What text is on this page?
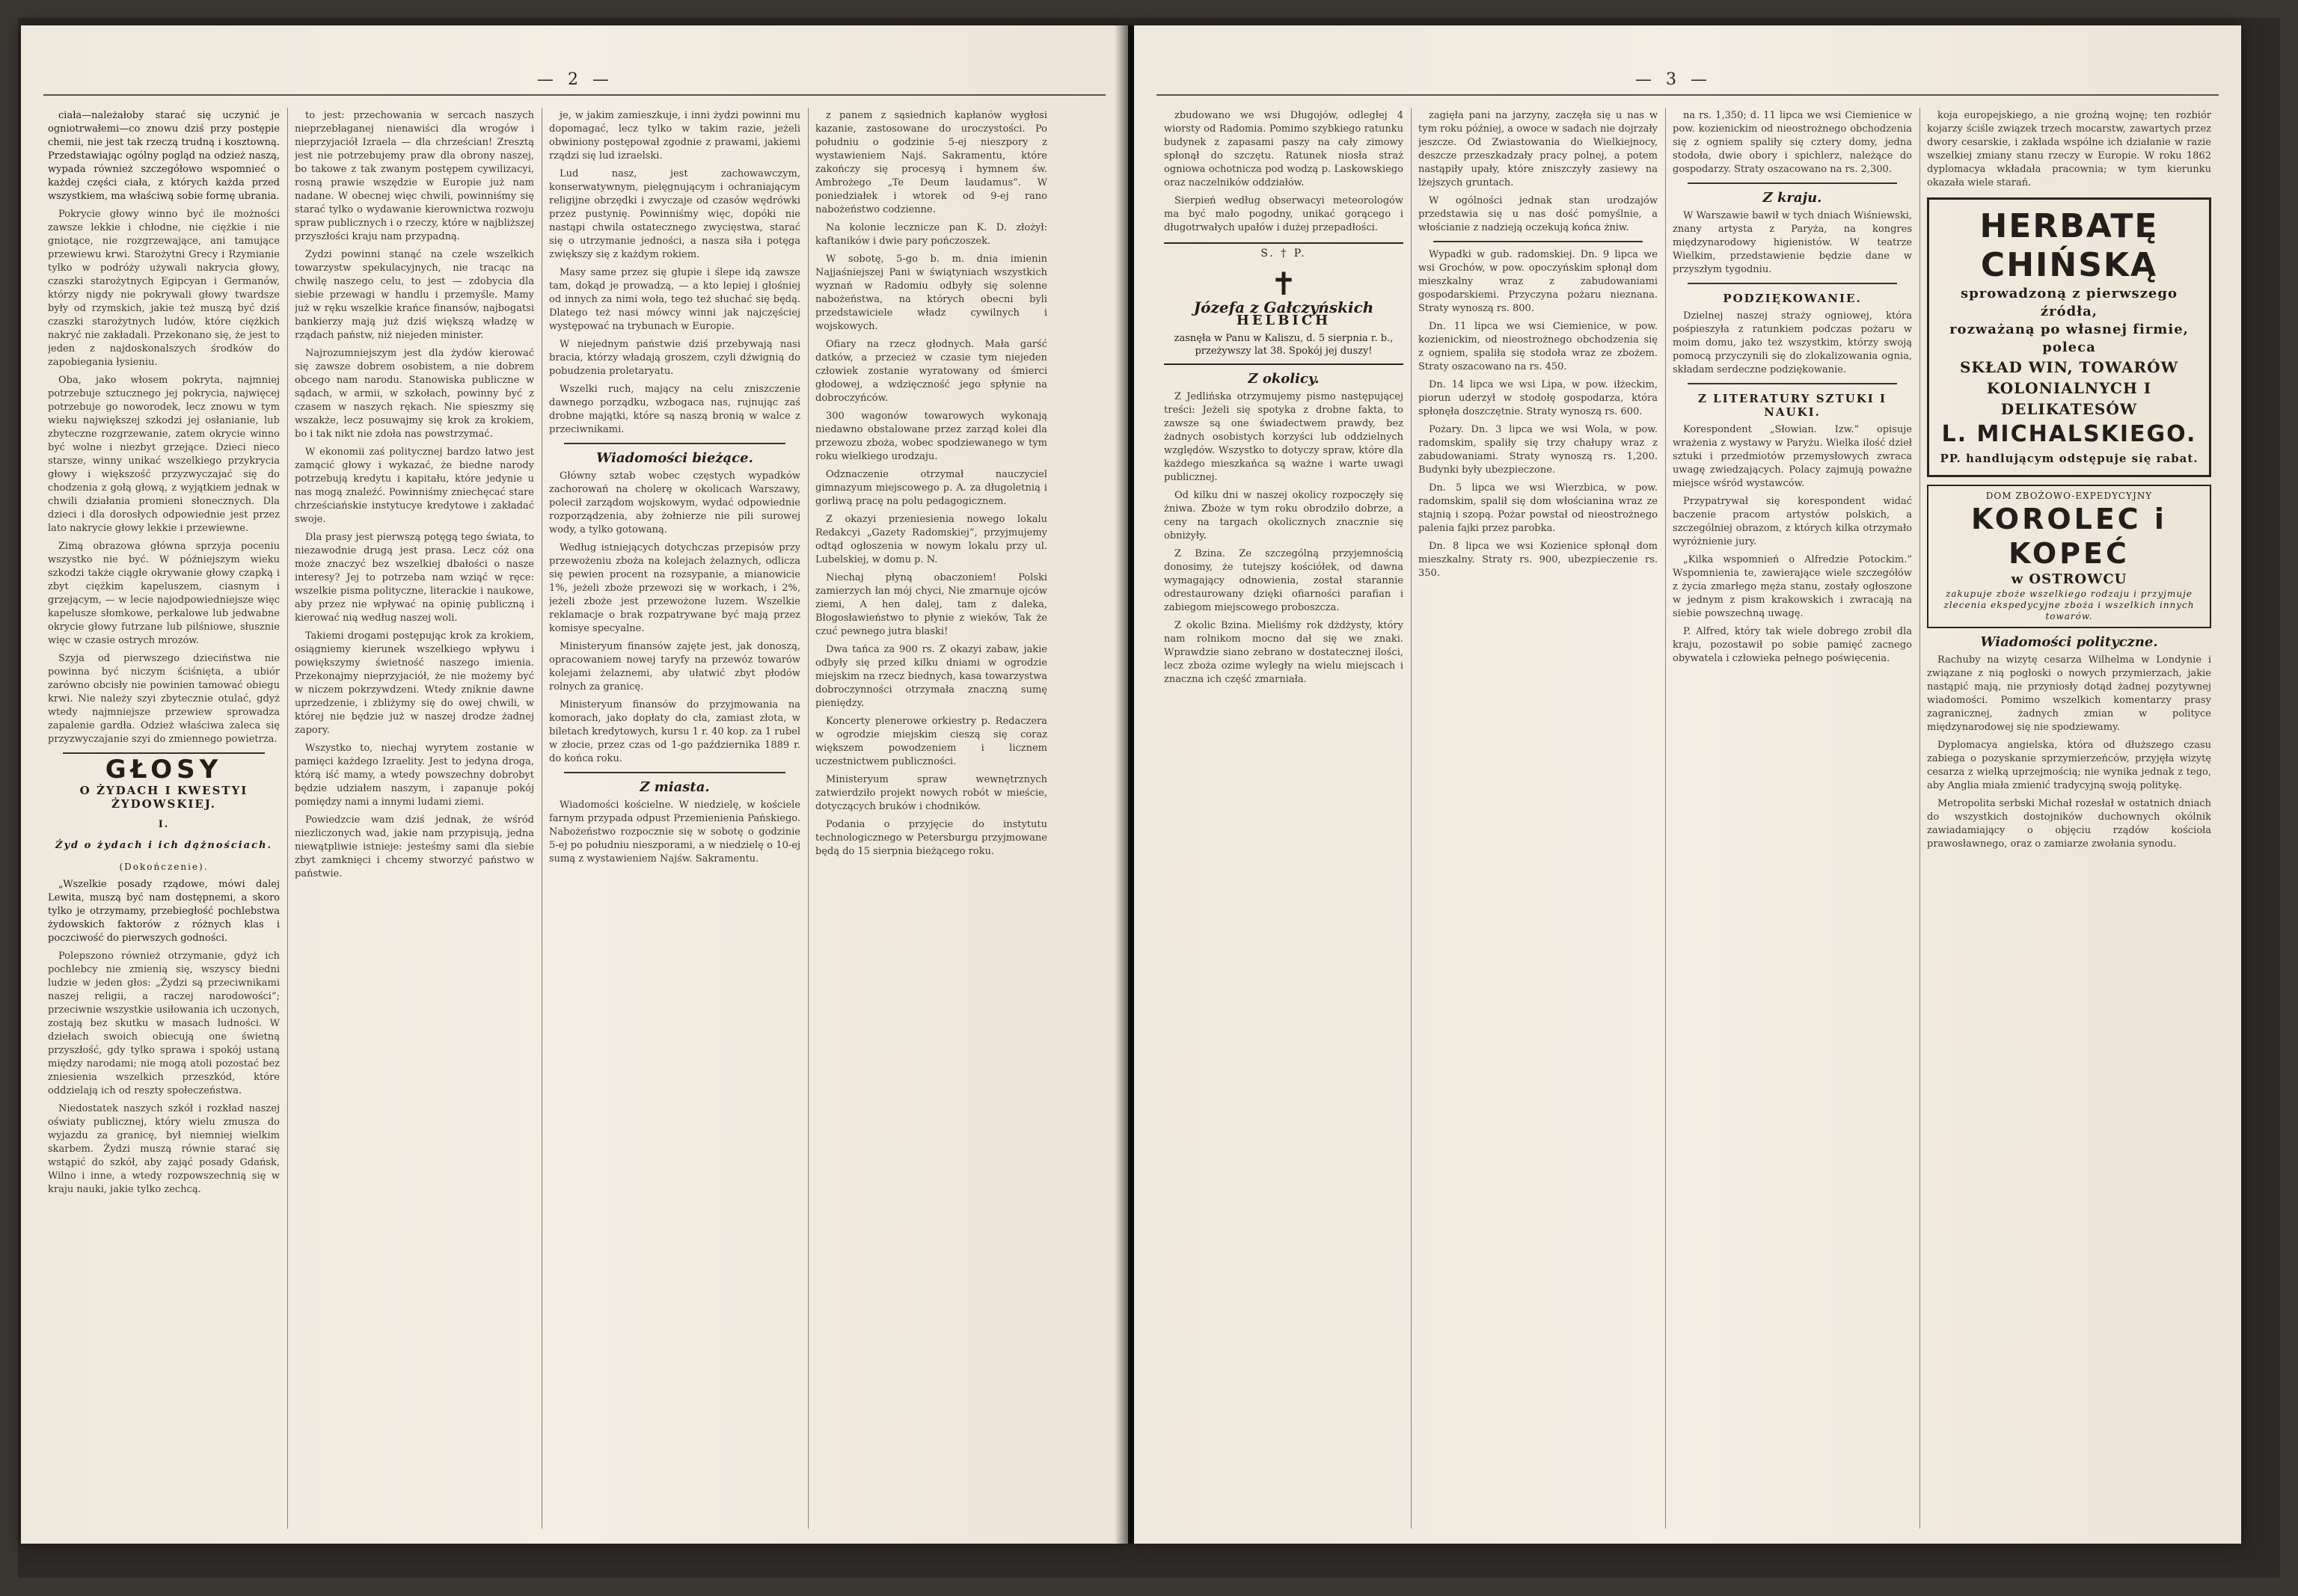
— 2 —

ciała—należałoby starać się uczynić je ogniotrwałemi—co znowu dziś przy postępie chemii, nie jest tak rzeczą trudną i kosztowną. Przedstawiając ogólny pogląd na odzież naszą, wypada również szczegółowo wspomnieć o każdej części ciała, z których każda przed wszystkiem, ma właściwą sobie formę ubrania.

Pokrycie głowy winno być ile możności zawsze lekkie i chłodne, nie ciężkie i nie gniotące, nie rozgrzewające, ani tamujące przewiewu krwi. Starożytni Grecy i Rzymianie tylko w podróży używali nakrycia głowy, czaszki starożytnych Egipcyan i Germanów, którzy nigdy nie pokrywali głowy twardsze były od rzymskich, jakie też muszą być dziś czaszki starożytnych ludów, które ciężkich nakryć nie zakładali. Przekonano się, że jest to jeden z najdoskonalszych środków do zapobiegania łysieniu.

Oba, jako włosem pokryta, najmniej potrzebuje sztucznego jej pokrycia, najwięcej potrzebuje go noworodek, lecz znowu w tym wieku największej szkodzi jej osłanianie, lub zbyteczne rozgrzewanie, zatem okrycie winno być wolne i niezbyt grzejące. Dzieci nieco starsze, winny unikać wszelkiego przykrycia głowy i większość przyzwyczajać się do chodzenia z gołą głową, z wyjątkiem jednak w chwili działania promieni słonecznych. Dla dzieci i dla dorosłych odpowiednie jest przez lato nakrycie głowy lekkie i przewiewne.

Zimą obrazowa główna sprzyja poceniu wszystko nie być. W późniejszym wieku szkodzi także ciągłe okrywanie głowy czapką i zbyt ciężkim kapeluszem, ciasnym i grzejącym, — w lecie najodpowiedniejsze więc kapelusze słomkowe, perkalowe lub jedwabne okrycie głowy futrzane lub pilśniowe, słusznie więc w czasie ostrych mrozów.

Szyja od pierwszego dzieciństwa nie powinna być niczym ściśnięta, a ubiór zarówno obcisły nie powinien tamować obiegu krwi. Nie należy szyi zbytecznie otulać, gdyż wtedy najmniejsze przewiew sprowadza zapalenie gardła. Odzież właściwa zaleca się przyzwyczajanie szyi do zmiennego powietrza.

GŁOSY
O ŻYDACH I KWESTYI ŻYDOWSKIEJ.
I.
Żyd o żydach i ich dążnościach.
(Dokończenie).

„Wszelkie posady rządowe, mówi dalej Lewita, muszą być nam dostępnemi, a skoro tylko je otrzymamy, przebiegłość pochlebstwa żydowskich faktorów z różnych klas i poczciwość do pierwszych godności.

Polepszono również otrzymanie, gdyż ich pochlebcy nie zmienią się, wszyscy biedni ludzie w jeden głos: „Żydzi są przeciwnikami naszej religii, a raczej narodowości”; przeciwnie wszystkie usiłowania ich uczonych, zostają bez skutku w masach ludności. W dziełach swoich obiecują one świetną przyszłość, gdy tylko sprawa i spokój ustaną między narodami; nie mogą atoli pozostać bez zniesienia wszelkich przeszkód, które oddzielają ich od reszty społeczeństwa.

Niedostatek naszych szkół i rozkład naszej oświaty publicznej, który wielu zmusza do wyjazdu za granicę, był niemniej wielkim skarbem. Żydzi muszą równie starać się wstąpić do szkół, aby zająć posady Gdańsk, Wilno i inne, a wtedy rozpowszechnią się w kraju nauki, jakie tylko zechcą.

to jest: przechowania w sercach naszych nieprzebłaganej nienawiści dla wrogów i nieprzyjaciół Izraela — dla chrześcian! Zresztą jest nie potrzebujemy praw dla obrony naszej, bo takowe z tak zwanym postępem cywilizacyi, rosną prawie wszędzie w Europie już nam nadane. W obecnej więc chwili, powinniśmy się starać tylko o wydawanie kierownictwa rozwoju spraw publicznych i o rzeczy, które w najbliższej przyszłości kraju nam przypadną.

Zydzi powinni stanąć na czele wszelkich towarzystw spekulacyjnych, nie tracąc na chwilę naszego celu, to jest — zdobycia dla siebie przewagi w handlu i przemyśle. Mamy już w ręku wszelkie krańce finansów, najbogatsi bankierzy mają już dziś większą władzę w rządach państw, niż niejeden minister.

Najrozumniejszym jest dla żydów kierować się zawsze dobrem osobistem, a nie dobrem obcego nam narodu. Stanowiska publiczne w sądach, w armii, w szkołach, powinny być z czasem w naszych rękach. Nie spieszmy się wszakże, lecz posuwajmy się krok za krokiem, bo i tak nikt nie zdoła nas powstrzymać.

W ekonomii zaś politycznej bardzo łatwo jest zamącić głowy i wykazać, że biedne narody potrzebują kredytu i kapitału, które jedynie u nas mogą znaleźć. Powinniśmy zniechęcać stare chrześciańskie instytucye kredytowe i zakładać swoje.

Dla prasy jest pierwszą potęgą tego świata, to niezawodnie drugą jest prasa. Lecz cóż ona może znaczyć bez wszelkiej dbałości o nasze interesy? Jej to potrzeba nam wziąć w ręce: wszelkie pisma polityczne, literackie i naukowe, aby przez nie wpływać na opinię publiczną i kierować nią według naszej woli.

Takiemi drogami postępując krok za krokiem, osiągniemy kierunek wszelkiego wpływu i powiększymy świetność naszego imienia. Przekonajmy nieprzyjaciół, że nie możemy być w niczem pokrzywdzeni. Wtedy zniknie dawne uprzedzenie, i zbliżymy się do owej chwili, w której nie będzie już w naszej drodze żadnej zapory.

Wszystko to, niechaj wyrytem zostanie w pamięci każdego Izraelity. Jest to jedyna droga, którą iść mamy, a wtedy powszechny dobrobyt będzie udziałem naszym, i zapanuje pokój pomiędzy nami a innymi ludami ziemi.

Powiedzcie wam dziś jednak, że wśród niezliczonych wad, jakie nam przypisują, jedna niewątpliwie istnieje: jesteśmy sami dla siebie zbyt zamknięci i chcemy stworzyć państwo w państwie.

je, w jakim zamieszkuje, i inni żydzi powinni mu dopomagać, lecz tylko w takim razie, jeżeli obwiniony postępował zgodnie z prawami, jakiemi rządzi się lud izraelski.

Lud nasz, jest zachowawczym, konserwatywnym, pielęgnującym i ochraniającym religijne obrzędki i zwyczaje od czasów wędrówki przez pustynię. Powinniśmy więc, dopóki nie nastąpi chwila ostatecznego zwycięstwa, starać się o utrzymanie jedności, a nasza siła i potęga zwiększy się z każdym rokiem.

Masy same przez się głupie i ślepe idą zawsze tam, dokąd je prowadzą, — a kto lepiej i głośniej od innych za nimi woła, tego też słuchać się będą. Dlatego też nasi mówcy winni jak najczęściej występować na trybunach w Europie.

W niejednym państwie dziś przebywają nasi bracia, którzy władają groszem, czyli dźwignią do pobudzenia proletaryatu.

Wszelki ruch, mający na celu zniszczenie dawnego porządku, wzbogaca nas, rujnując zaś drobne majątki, które są naszą bronią w walce z przeciwnikami.

Wiadomości bieżące.

Główny sztab wobec częstych wypadków zachorowań na cholerę w okolicach Warszawy, polecił zarządom wojskowym, wydać odpowiednie rozporządzenia, aby żołnierze nie pili surowej wody, a tylko gotowaną.

Według istniejących dotychczas przepisów przy przewożeniu zboża na kolejach żelaznych, odlicza się pewien procent na rozsypanie, a mianowicie 1%, jeżeli zboże przewozi się w workach, i 2%, jeżeli zboże jest przewożone luzem. Wszelkie reklamacje o brak rozpatrywane być mają przez komisye specyalne.

Ministeryum finansów zajęte jest, jak donoszą, opracowaniem nowej taryfy na przewóz towarów kolejami żelaznemi, aby ułatwić zbyt płodów rolnych za granicę.

Ministeryum finansów do przyjmowania na komorach, jako dopłaty do cła, zamiast złota, w biletach kredytowych, kursu 1 r. 40 kop. za 1 rubel w złocie, przez czas od 1-go października 1889 r. do końca roku.

Z miasta.

Wiadomości kościelne. W niedzielę, w kościele farnym przypada odpust Przemienienia Pańskiego. Nabożeństwo rozpocznie się w sobotę o godzinie 5-ej po południu nieszporami, a w niedzielę o 10-ej sumą z wystawieniem Najśw. Sakramentu.

z panem z sąsiednich kapłanów wygłosi kazanie, zastosowane do uroczystości. Po południu o godzinie 5-ej nieszpory z wystawieniem Najś. Sakramentu, które zakończy się procesyą i hymnem św. Ambrożego „Te Deum laudamus”. W poniedziałek i wtorek od 9-ej rano nabożeństwo codzienne.

Na kolonie lecznicze pan K. D. złożył: kaftaników i dwie pary pończoszek.

W sobotę, 5-go b. m. dnia imienin Najjaśniejszej Pani w świątyniach wszystkich wyznań w Radomiu odbyły się solenne nabożeństwa, na których obecni byli przedstawiciele władz cywilnych i wojskowych.

Ofiary na rzecz głodnych. Mała garść datków, a przecież w czasie tym niejeden człowiek zostanie wyratowany od śmierci głodowej, a wdzięczność jego spłynie na dobroczyńców.

300 wagonów towarowych wykonają niedawno obstalowane przez zarząd kolei dla przewozu zboża, wobec spodziewanego w tym roku wielkiego urodzaju.

Odznaczenie otrzymał nauczyciel gimnazyum miejscowego p. A. za długoletnią i gorliwą pracę na polu pedagogicznem.

Z okazyi przeniesienia nowego lokalu Redakcyi „Gazety Radomskiej”, przyjmujemy odtąd ogłoszenia w nowym lokalu przy ul. Lubelskiej, w domu p. N.

Niechaj płyną obaczoniem! Polski zamierzych łan mój chyci, Nie zmarnuje ojców ziemi, A hen dalej, tam z daleka, Błogosławieństwo to płynie z wieków, Tak że czuć pewnego jutra blaski!

Dwa tańca za 900 rs. Z okazyi zabaw, jakie odbyły się przed kilku dniami w ogrodzie miejskim na rzecz biednych, kasa towarzystwa dobroczynności otrzymała znaczną sumę pieniędzy.

Koncerty plenerowe orkiestry p. Redaczera w ogrodzie miejskim cieszą się coraz większem powodzeniem i licznem uczestnictwem publiczności.

Ministeryum spraw wewnętrznych zatwierdziło projekt nowych robót w mieście, dotyczących bruków i chodników.

Podania o przyjęcie do instytutu technologicznego w Petersburgu przyjmowane będą do 15 sierpnia bieżącego roku.

— 3 —

zbudowano we wsi Długojów, odległej 4 wiorsty od Radomia. Pomimo szybkiego ratunku budynek z zapasami paszy na cały zimowy spłonął do szczętu. Ratunek niosła straż ogniowa ochotnicza pod wodzą p. Laskowskiego oraz naczelników oddziałów.

Sierpień według obserwacyi meteorologów ma być mało pogodny, unikać gorącego i długotrwałych upałów i dużej przepadłości.

S. † P.
✝
Józefa z Gałczyńskich
HELBICH
zasnęła w Panu w Kaliszu, d. 5 sierpnia r. b., przeżywszy lat 38. Spokój jej duszy!
Z okolicy.

Z Jedlińska otrzymujemy pismo następującej treści: Jeżeli się spotyka z drobne fakta, to zawsze są one świadectwem prawdy, bez żadnych osobistych korzyści lub oddzielnych względów. Wszystko to dotyczy spraw, które dla każdego mieszkańca są ważne i warte uwagi publicznej.

Od kilku dni w naszej okolicy rozpoczęły się żniwa. Zboże w tym roku obrodziło dobrze, a ceny na targach okolicznych znacznie się obniżyły.

Z Bzina. Ze szczególną przyjemnością donosimy, że tutejszy kościółek, od dawna wymagający odnowienia, został starannie odrestaurowany dzięki ofiarności parafian i zabiegom miejscowego proboszcza.

Z okolic Bzina. Mieliśmy rok dżdżysty, który nam rolnikom mocno dał się we znaki. Wprawdzie siano zebrano w dostatecznej ilości, lecz zboża ozime wyległy na wielu miejscach i znaczna ich część zmarniała.

zagięła pani na jarzyny, zaczęła się u nas w tym roku później, a owoce w sadach nie dojrzały jeszcze. Od Zwiastowania do Wielkiejnocy, deszcze przeszkadzały pracy polnej, a potem nastąpiły upały, które zniszczyły zasiewy na lżejszych gruntach.

W ogólności jednak stan urodzajów przedstawia się u nas dość pomyślnie, a włościanie z nadzieją oczekują końca żniw.

Wypadki w gub. radomskiej. Dn. 9 lipca we wsi Grochów, w pow. opoczyńskim spłonął dom mieszkalny wraz z zabudowaniami gospodarskiemi. Przyczyna pożaru nieznana. Straty wynoszą rs. 800.

Dn. 11 lipca we wsi Ciemienice, w pow. kozienickim, od nieostrożnego obchodzenia się z ogniem, spaliła się stodoła wraz ze zbożem. Straty oszacowano na rs. 450.

Dn. 14 lipca we wsi Lipa, w pow. iłżeckim, piorun uderzył w stodołę gospodarza, która spłonęła doszczętnie. Straty wynoszą rs. 600.

Pożary. Dn. 3 lipca we wsi Wola, w pow. radomskim, spaliły się trzy chałupy wraz z zabudowaniami. Straty wynoszą rs. 1,200. Budynki były ubezpieczone.

Dn. 5 lipca we wsi Wierzbica, w pow. radomskim, spalił się dom włościanina wraz ze stajnią i szopą. Pożar powstał od nieostrożnego palenia fajki przez parobka.

Dn. 8 lipca we wsi Kozienice spłonął dom mieszkalny. Straty rs. 900, ubezpieczenie rs. 350.

na rs. 1,350; d. 11 lipca we wsi Ciemienice w pow. kozienickim od nieostrożnego obchodzenia się z ogniem spaliły się cztery domy, jedna stodoła, dwie obory i spichlerz, należące do gospodarzy. Straty oszacowano na rs. 2,300.

Z kraju.

W Warszawie bawił w tych dniach Wiśniewski, znany artysta z Paryża, na kongres międzynarodowy higienistów. W teatrze Wielkim, przedstawienie będzie dane w przyszłym tygodniu.

PODZIĘKOWANIE.

Dzielnej naszej straży ogniowej, która pośpieszyła z ratunkiem podczas pożaru w moim domu, jako też wszystkim, którzy swoją pomocą przyczynili się do zlokalizowania ognia, składam serdeczne podziękowanie.

Z LITERATURY SZTUKI I NAUKI.

Korespondent „Słowian. Izw.” opisuje wrażenia z wystawy w Paryżu. Wielka ilość dzieł sztuki i przedmiotów przemysłowych zwraca uwagę zwiedzających. Polacy zajmują poważne miejsce wśród wystawców.

Przypatrywał się korespondent widać baczenie pracom artystów polskich, a szczególniej obrazom, z których kilka otrzymało wyróżnienie jury.

„Kilka wspomnień o Alfredzie Potockim.” Wspomnienia te, zawierające wiele szczegółów z życia zmarłego męża stanu, zostały ogłoszone w jednym z pism krakowskich i zwracają na siebie powszechną uwagę.

P. Alfred, który tak wiele dobrego zrobił dla kraju, pozostawił po sobie pamięć zacnego obywatela i człowieka pełnego poświęcenia.

koja europejskiego, a nie groźną wojnę; ten rozbiór kojarzy ściśle związek trzech mocarstw, zawartych przez dwory cesarskie, i zakłada wspólne ich działanie w razie wszelkiej zmiany stanu rzeczy w Europie. W roku 1862 dyplomacya wkładała pracownia; w tym kierunku okazała wiele starań.

HERBATĘ CHIŃSKĄ
sprowadzoną z pierwszego źródła,
rozważaną po własnej firmie, poleca
SKŁAD WIN, TOWARÓW KOLONIALNYCH I DELIKATESÓW
L. MICHALSKIEGO.
PP. handlującym odstępuje się rabat.
DOM ZBOŻOWO-EXPEDYCYJNY
KOROLEC i KOPEĆ
w OSTROWCU
zakupuje zboże wszelkiego rodzaju i przyjmuje zlecenia ekspedycyjne zboża i wszelkich innych towarów.
Wiadomości polityczne.

Rachuby na wizytę cesarza Wilhelma w Londynie i związane z nią pogłoski o nowych przymierzach, jakie nastąpić mają, nie przyniosły dotąd żadnej pozytywnej wiadomości. Pomimo wszelkich komentarzy prasy zagranicznej, żadnych zmian w polityce międzynarodowej się nie spodziewamy.

Dyplomacya angielska, która od dłuższego czasu zabiega o pozyskanie sprzymierzeńców, przyjęła wizytę cesarza z wielką uprzejmością; nie wynika jednak z tego, aby Anglia miała zmienić tradycyjną swoją politykę.

Metropolita serbski Michał rozesłał w ostatnich dniach do wszystkich dostojników duchownych okólnik zawiadamiający o objęciu rządów kościoła prawosławnego, oraz o zamiarze zwołania synodu.
